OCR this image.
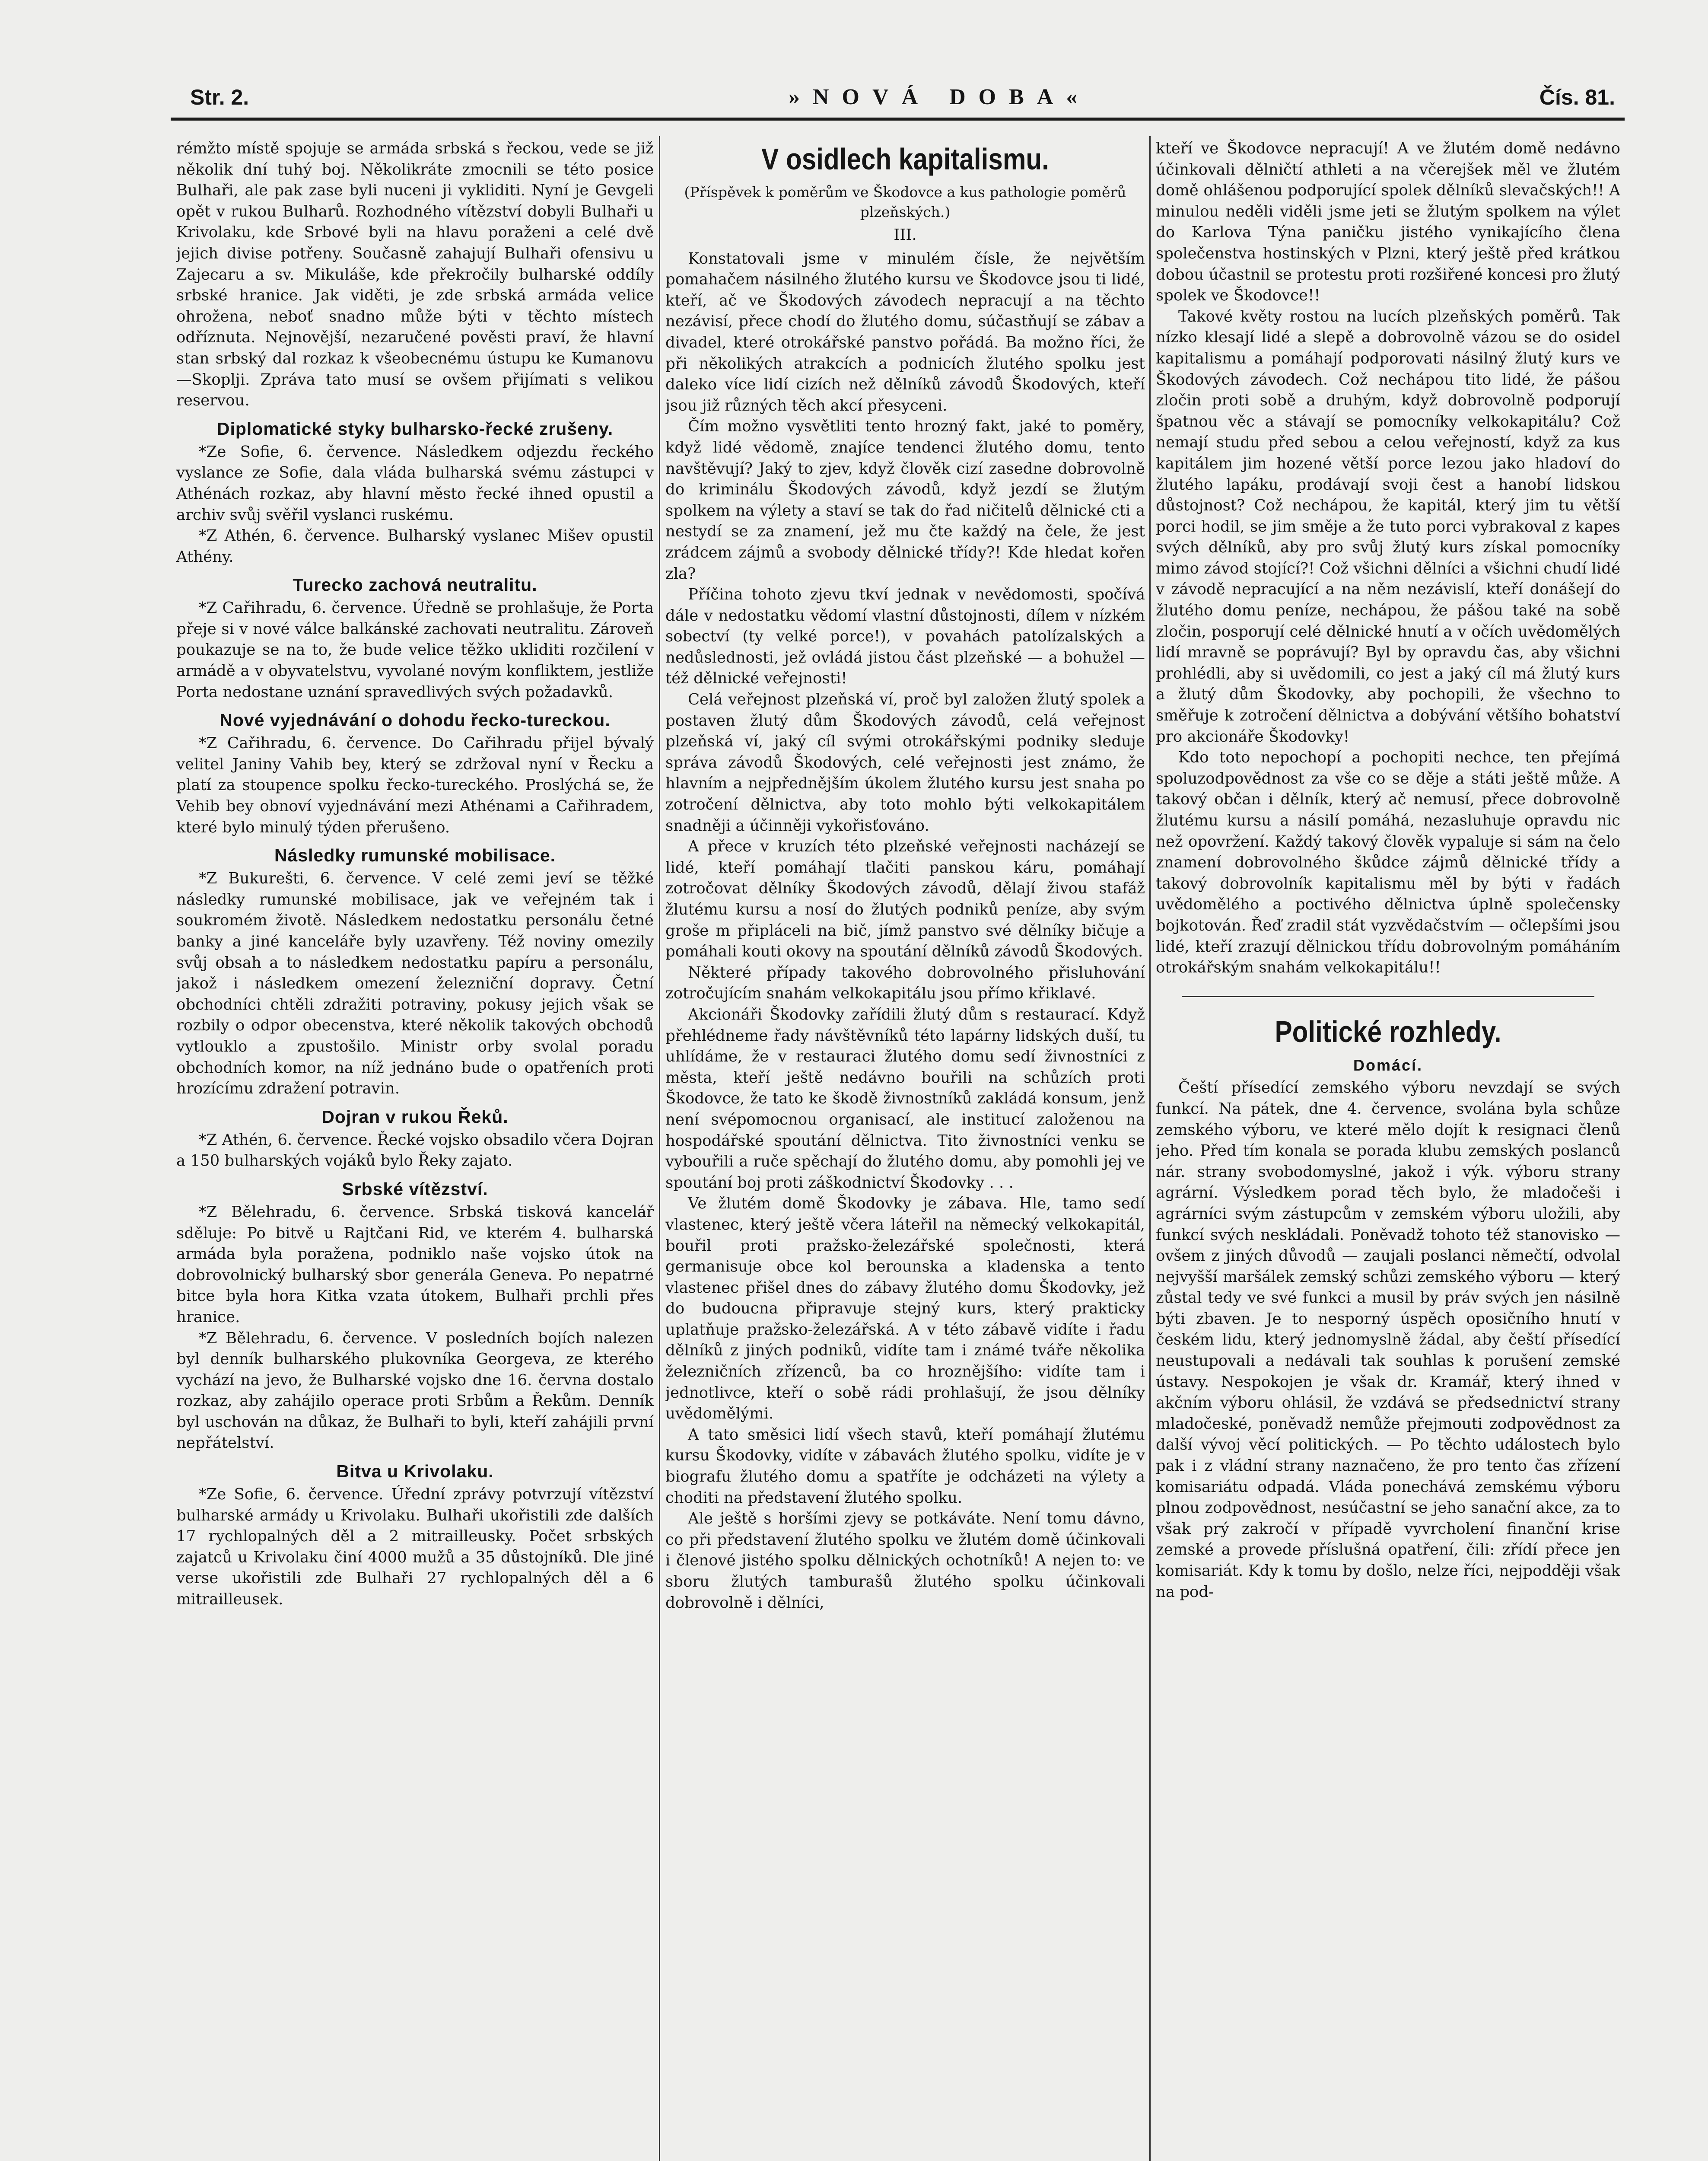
Str. 2.	»NOVÁ DOBA«	Čís. 81.

rémžto místě spojuje se armáda srbská s řeckou, vede se již několik dní tuhý boj. Několikráte zmocnili se této posice Bulhaři, ale pak zase byli nuceni ji vykliditi. Nyní je Gevgeli opět v rukou Bulharů. Rozhodného vítězství dobyli Bulhaři u Krivolaku, kde Srbové byli na hlavu poraženi a celé dvě jejich divise potřeny. Současně zahajují Bulhaři ofensivu u Zajecaru a sv. Mikuláše, kde překročily bulharské oddíly srbské hranice. Jak viděti, je zde srbská armáda velice ohrožena, neboť snadno může býti v těchto místech odříznuta. Nejnovější, nezaručené pověsti praví, že hlavní stan srbský dal rozkaz k všeobecnému ústupu ke Kumanovu—Skoplji. Zpráva tato musí se ovšem přijímati s velikou reservou.

Diplomatické styky bulharsko-řecké zrušeny.

*Ze Sofie, 6. července. Následkem odjezdu řeckého vyslance ze Sofie, dala vláda bulharská svému zástupci v Athénách rozkaz, aby hlavní město řecké ihned opustil a archiv svůj svěřil vyslanci ruskému.

*Z Athén, 6. července. Bulharský vyslanec Mišev opustil Athény.

Turecko zachová neutralitu.

*Z Cařihradu, 6. července. Úředně se prohlašuje, že Porta přeje si v nové válce balkánské zachovati neutralitu. Zároveň poukazuje se na to, že bude velice těžko ukliditi rozčilení v armádě a v obyvatelstvu, vyvolané novým konfliktem, jestliže Porta nedostane uznání spravedlivých svých požadavků.

Nové vyjednávání o dohodu řecko-tureckou.

*Z Cařihradu, 6. července. Do Cařihradu přijel bývalý velitel Janiny Vahib bey, který se zdržoval nyní v Řecku a platí za stoupence spolku řecko-tureckého. Proslýchá se, že Vehib bey obnoví vyjednávání mezi Athénami a Cařihradem, které bylo minulý týden přerušeno.

Následky rumunské mobilisace.

*Z Bukurešti, 6. července. V celé zemi jeví se těžké následky rumunské mobilisace, jak ve veřejném tak i soukromém životě. Následkem nedostatku personálu četné banky a jiné kanceláře byly uzavřeny. Též noviny omezily svůj obsah a to následkem nedostatku papíru a personálu, jakož i následkem omezení železniční dopravy. Četní obchodníci chtěli zdražiti potraviny, pokusy jejich však se rozbily o odpor obecenstva, které několik takových obchodů vytlouklo a zpustošilo. Ministr orby svolal poradu obchodních komor, na níž jednáno bude o opatřeních proti hrozícímu zdražení potravin.

Dojran v rukou Řeků.

*Z Athén, 6. července. Řecké vojsko obsadilo včera Dojran a 150 bulharských vojáků bylo Řeky zajato.

Srbské vítězství.

*Z Bělehradu, 6. července. Srbská tisková kancelář sděluje: Po bitvě u Rajtčani Rid, ve kterém 4. bulharská armáda byla poražena, podniklo naše vojsko útok na dobrovolnický bulharský sbor generála Geneva. Po nepatrné bitce byla hora Kitka vzata útokem, Bulhaři prchli přes hranice.

*Z Bělehradu, 6. července. V posledních bojích nalezen byl denník bulharského plukovníka Georgeva, ze kterého vychází na jevo, že Bulharské vojsko dne 16. června dostalo rozkaz, aby zahájilo operace proti Srbům a Řekům. Denník byl uschován na důkaz, že Bulhaři to byli, kteří zahájili první nepřátelství.

Bitva u Krivolaku.

*Ze Sofie, 6. července. Úřední zprávy potvrzují vítězství bulharské armády u Krivolaku. Bulhaři ukořistili zde dalších 17 rychlopalných děl a 2 mitrailleusky. Počet srbských zajatců u Krivolaku činí 4000 mužů a 35 důstojníků. Dle jiné verse ukořistili zde Bulhaři 27 rychlopalných děl a 6 mitrailleusek.

V osidlech kapitalismu.

(Příspěvek k poměrům ve Škodovce a kus pathologie poměrů plzeňských.)

III.

Konstatovali jsme v minulém čísle, že největším pomahačem násilného žlutého kursu ve Škodovce jsou ti lidé, kteří, ač ve Škodových závodech nepracují a na těchto nezávisí, přece chodí do žlutého domu, súčastňují se zábav a divadel, které otrokářské panstvo pořádá. Ba možno říci, že při několikých atrakcích a podnicích žlutého spolku jest daleko více lidí cizích než dělníků závodů Škodových, kteří jsou již různých těch akcí přesyceni.

Čím možno vysvětliti tento hrozný fakt, jaké to poměry, když lidé vědomě, znajíce tendenci žlutého domu, tento navštěvují? Jaký to zjev, když člověk cizí zasedne dobrovolně do kriminálu Škodových závodů, když jezdí se žlutým spolkem na výlety a staví se tak do řad ničitelů dělnické cti a nestydí se za znamení, jež mu čte každý na čele, že jest zrádcem zájmů a svobody dělnické třídy?! Kde hledat kořen zla?

Příčina tohoto zjevu tkví jednak v nevědomosti, spočívá dále v nedostatku vědomí vlastní důstojnosti, dílem v nízkém sobectví (ty velké porce!), v povahách patolízalských a nedůslednosti, jež ovládá jistou část plzeňské — a bohužel — též dělnické veřejnosti!

Celá veřejnost plzeňská ví, proč byl založen žlutý spolek a postaven žlutý dům Škodových závodů, celá veřejnost plzeňská ví, jaký cíl svými otrokářskými podniky sleduje správa závodů Škodových, celé veřejnosti jest známo, že hlavním a nejpřednějším úkolem žlutého kursu jest snaha po zotročení dělnictva, aby toto mohlo býti velkokapitálem snadněji a účinněji vykořisťováno.

A přece v kruzích této plzeňské veřejnosti nacházejí se lidé, kteří pomáhají tlačiti panskou káru, pomáhají zotročovat dělníky Škodových závodů, dělají živou stafáž žlutému kursu a nosí do žlutých podniků peníze, aby svým groše m připláceli na bič, jímž panstvo své dělníky bičuje a pomáhali kouti okovy na spoutání dělníků závodů Škodových.

Některé případy takového dobrovolného přisluhování zotročujícím snahám velkokapitálu jsou přímo křiklavé.

Akcionáři Škodovky zařídili žlutý dům s restaurací. Když přehlédneme řady návštěvníků této lapárny lidských duší, tu uhlídáme, že v restauraci žlutého domu sedí živnostníci z města, kteří ještě nedávno bouřili na schůzích proti Škodovce, že tato ke škodě živnostníků zakládá konsum, jenž není svépomocnou organisací, ale institucí založenou na hospodářské spoutání dělnictva. Tito živnostníci venku se vybouřili a ruče spěchají do žlutého domu, aby pomohli jej ve spoutání boj proti záškodnictví Škodovky . . .

Ve žlutém domě Škodovky je zábava. Hle, tamo sedí vlastenec, který ještě včera láteřil na německý velkokapitál, bouřil proti pražsko-železářské společnosti, která germanisuje obce kol berounska a kladenska a tento vlastenec přišel dnes do zábavy žlutého domu Škodovky, jež do budoucna připravuje stejný kurs, který prakticky uplatňuje pražsko-železářská. A v této zábavě vidíte i řadu dělníků z jiných podniků, vidíte tam i známé tváře několika železničních zřízenců, ba co hroznějšího: vidíte tam i jednotlivce, kteří o sobě rádi prohlašují, že jsou dělníky uvědomělými.

A tato směsici lidí všech stavů, kteří pomáhají žlutému kursu Škodovky, vidíte v zábavách žlutého spolku, vidíte je v biografu žlutého domu a spatříte je odcházeti na výlety a choditi na představení žlutého spolku.

Ale ještě s horšími zjevy se potkáváte. Není tomu dávno, co při představení žlutého spolku ve žlutém domě účinkovali i členové jistého spolku dělnických ochotníků! A nejen to: ve sboru žlutých tamburašů žlutého spolku účinkovali dobrovolně i dělníci,

kteří ve Škodovce nepracují! A ve žlutém domě nedávno účinkovali dělničtí athleti a na včerejšek měl ve žlutém domě ohlášenou podporující spolek dělníků slevačských!! A minulou neděli viděli jsme jeti se žlutým spolkem na výlet do Karlova Týna paničku jistého vynikajícího člena společenstva hostinských v Plzni, který ještě před krátkou dobou účastnil se protestu proti rozšiřené koncesi pro žlutý spolek ve Škodovce!!

Takové květy rostou na lucích plzeňských poměrů. Tak nízko klesají lidé a slepě a dobrovolně vázou se do osidel kapitalismu a pomáhají podporovati násilný žlutý kurs ve Škodových závodech. Což nechápou tito lidé, že pášou zločin proti sobě a druhým, když dobrovolně podporují špatnou věc a stávají se pomocníky velkokapitálu? Což nemají studu před sebou a celou veřejností, když za kus kapitálem jim hozené větší porce lezou jako hladoví do žlutého lapáku, prodávají svoji čest a hanobí lidskou důstojnost? Což nechápou, že kapitál, který jim tu větší porci hodil, se jim směje a že tuto porci vybrakoval z kapes svých dělníků, aby pro svůj žlutý kurs získal pomocníky mimo závod stojící?! Což všichni dělníci a všichni chudí lidé v závodě nepracující a na něm nezávislí, kteří donášejí do žlutého domu peníze, nechápou, že pášou také na sobě zločin, posporují celé dělnické hnutí a v očích uvědomělých lidí mravně se poprávují? Byl by opravdu čas, aby všichni prohlédli, aby si uvědomili, co jest a jaký cíl má žlutý kurs a žlutý dům Škodovky, aby pochopili, že všechno to směřuje k zotročení dělnictva a dobývání většího bohatství pro akcionáře Škodovky!

Kdo toto nepochopí a pochopiti nechce, ten přejímá spoluzodpovědnost za vše co se děje a státi ještě může. A takový občan i dělník, který ač nemusí, přece dobrovolně žlutému kursu a násilí pomáhá, nezasluhuje opravdu nic než opovržení. Každý takový člověk vypaluje si sám na čelo znamení dobrovolného škůdce zájmů dělnické třídy a takový dobrovolník kapitalismu měl by býti v řadách uvědomělého a poctivého dělnictva úplně společensky bojkotován. Řeď zradil stát vyzvědačstvím — očlepšími jsou lidé, kteří zrazují dělnickou třídu dobrovolným pomáháním otrokářským snahám velkokapitálu!!

Politické rozhledy.
Domácí.

Čeští přísedící zemského výboru nevzdají se svých funkcí. Na pátek, dne 4. července, svolána byla schůze zemského výboru, ve které mělo dojít k resignaci členů jeho. Před tím konala se porada klubu zemských poslanců nár. strany svobodomyslné, jakož i výk. výboru strany agrární. Výsledkem porad těch bylo, že mladočeši i agrárníci svým zástupcům v zemském výboru uložili, aby funkcí svých neskládali. Poněvadž tohoto též stanovisko — ovšem z jiných důvodů — zaujali poslanci němečtí, odvolal nejvyšší maršálek zemský schůzi zemského výboru — který zůstal tedy ve své funkci a musil by práv svých jen násilně býti zbaven. Je to nesporný úspěch oposičního hnutí v českém lidu, který jednomyslně žádal, aby čeští přísedící neustupovali a nedávali tak souhlas k porušení zemské ústavy. Nespokojen je však dr. Kramář, který ihned v akčním výboru ohlásil, že vzdává se předsednictví strany mladočeské, poněvadž nemůže přejmouti zodpovědnost za další vývoj věcí politických. — Po těchto událostech bylo pak i z vládní strany naznačeno, že pro tento čas zřízení komisariátu odpadá. Vláda ponechává zemskému výboru plnou zodpovědnost, nesúčastní se jeho sanační akce, za to však prý zakročí v případě vyvrcholení finanční krise zemské a provede příslušná opatření, čili: zřídí přece jen komisariát. Kdy k tomu by došlo, nelze říci, nejpodději však na pod-
